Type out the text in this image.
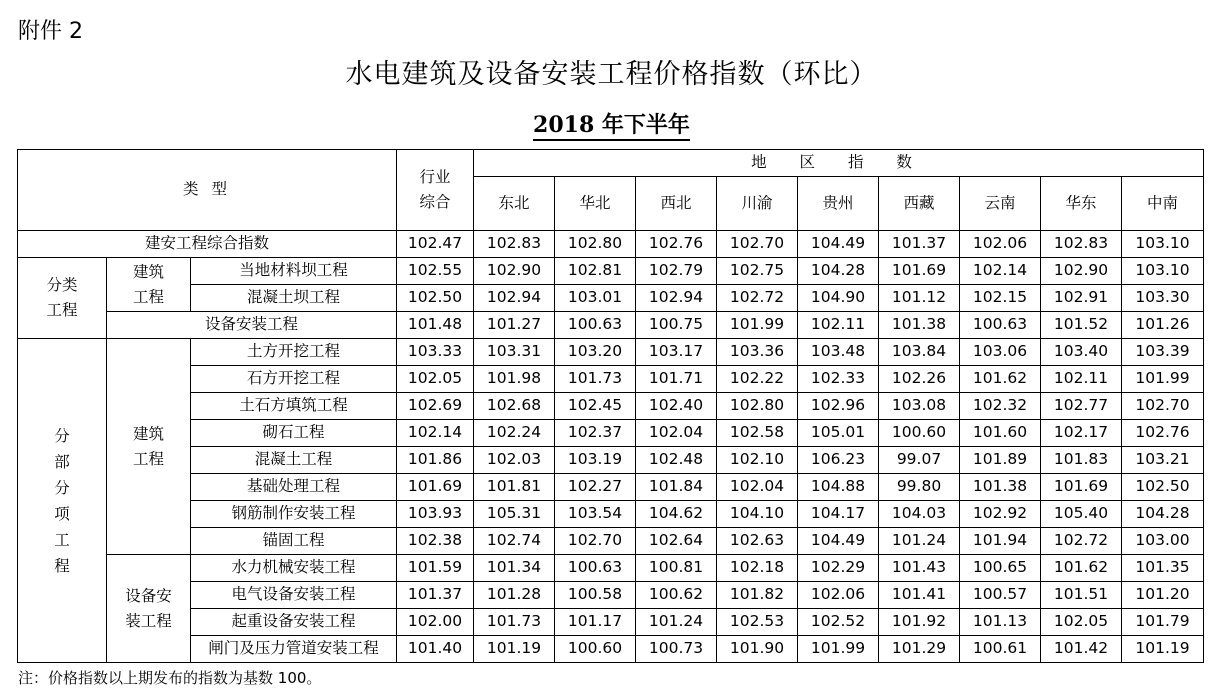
附件 2
水电建筑及设备安装工程价格指数（环比）
2018 年下半年
类 型			行业综合	地 区 指 数								
				东北	华北	西北	川渝	贵州	西藏	云南	华东	中南
建安工程综合指数			102.47	102.83	102.80	102.76	102.70	104.49	101.37	102.06	102.83	103.10
分类工程	建筑工程	当地材料坝工程	102.55	102.90	102.81	102.79	102.75	104.28	101.69	102.14	102.90	103.10
		混凝土坝工程	102.50	102.94	103.01	102.94	102.72	104.90	101.12	102.15	102.91	103.30
	设备安装工程		101.48	101.27	100.63	100.75	101.99	102.11	101.38	100.63	101.52	101.26
分部分项工程	建筑工程	土方开挖工程	103.33	103.31	103.20	103.17	103.36	103.48	103.84	103.06	103.40	103.39
		石方开挖工程	102.05	101.98	101.73	101.71	102.22	102.33	102.26	101.62	102.11	101.99
		土石方填筑工程	102.69	102.68	102.45	102.40	102.80	102.96	103.08	102.32	102.77	102.70
		砌石工程	102.14	102.24	102.37	102.04	102.58	105.01	100.60	101.60	102.17	102.76
		混凝土工程	101.86	102.03	103.19	102.48	102.10	106.23	99.07	101.89	101.83	103.21
		基础处理工程	101.69	101.81	102.27	101.84	102.04	104.88	99.80	101.38	101.69	102.50
		钢筋制作安装工程	103.93	105.31	103.54	104.62	104.10	104.17	104.03	102.92	105.40	104.28
		锚固工程	102.38	102.74	102.70	102.64	102.63	104.49	101.24	101.94	102.72	103.00
	设备安装工程	水力机械安装工程	101.59	101.34	100.63	100.81	102.18	102.29	101.43	100.65	101.62	101.35
		电气设备安装工程	101.37	101.28	100.58	100.62	101.82	102.06	101.41	100.57	101.51	101.20
		起重设备安装工程	102.00	101.73	101.17	101.24	102.53	102.52	101.92	101.13	102.05	101.79
		闸门及压力管道安装工程	101.40	101.19	100.60	100.73	101.90	101.99	101.29	100.61	101.42	101.19
注：价格指数以上期发布的指数为基数 100。
